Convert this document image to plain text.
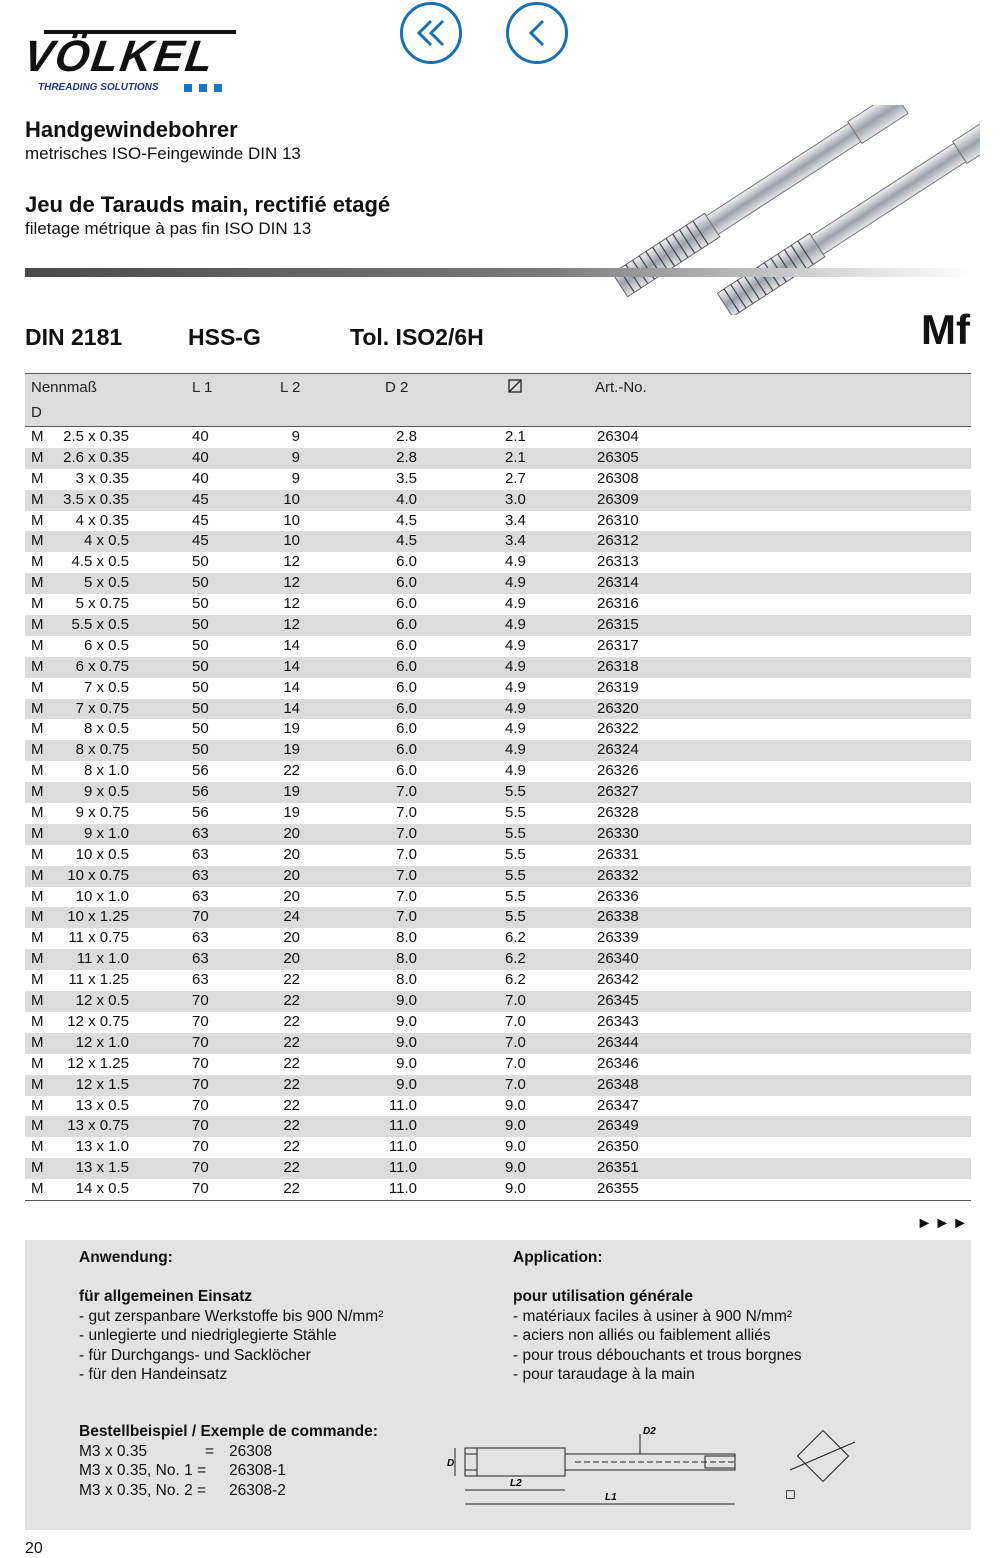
VÖLKEL
THREADING SOLUTIONS
Handgewindebohrer
metrisches ISO-Feingewinde DIN 13
Jeu de Tarauds main, rectifié etagé
filetage métrique à pas fin ISO DIN 13
DIN 2181	HSS-G	Tol. ISO2/6H	Mf
Nennmaß
D
L 1	L 2	D 2	Art.-No.
M	2.5 x 0.35	40	9	2.8	2.1	26304
M	2.6 x 0.35	40	9	2.8	2.1	26305
M	3 x 0.35	40	9	3.5	2.7	26308
M	3.5 x 0.35	45	10	4.0	3.0	26309
M	4 x 0.35	45	10	4.5	3.4	26310
M	4 x 0.5	45	10	4.5	3.4	26312
M	4.5 x 0.5	50	12	6.0	4.9	26313
M	5 x 0.5	50	12	6.0	4.9	26314
M	5 x 0.75	50	12	6.0	4.9	26316
M	5.5 x 0.5	50	12	6.0	4.9	26315
M	6 x 0.5	50	14	6.0	4.9	26317
M	6 x 0.75	50	14	6.0	4.9	26318
M	7 x 0.5	50	14	6.0	4.9	26319
M	7 x 0.75	50	14	6.0	4.9	26320
M	8 x 0.5	50	19	6.0	4.9	26322
M	8 x 0.75	50	19	6.0	4.9	26324
M	8 x 1.0	56	22	6.0	4.9	26326
M	9 x 0.5	56	19	7.0	5.5	26327
M	9 x 0.75	56	19	7.0	5.5	26328
M	9 x 1.0	63	20	7.0	5.5	26330
M	10 x 0.5	63	20	7.0	5.5	26331
M	10 x 0.75	63	20	7.0	5.5	26332
M	10 x 1.0	63	20	7.0	5.5	26336
M	10 x 1.25	70	24	7.0	5.5	26338
M	11 x 0.75	63	20	8.0	6.2	26339
M	11 x 1.0	63	20	8.0	6.2	26340
M	11 x 1.25	63	22	8.0	6.2	26342
M	12 x 0.5	70	22	9.0	7.0	26345
M	12 x 0.75	70	22	9.0	7.0	26343
M	12 x 1.0	70	22	9.0	7.0	26344
M	12 x 1.25	70	22	9.0	7.0	26346
M	12 x 1.5	70	22	9.0	7.0	26348
M	13 x 0.5	70	22	11.0	9.0	26347
M	13 x 0.75	70	22	11.0	9.0	26349
M	13 x 1.0	70	22	11.0	9.0	26350
M	13 x 1.5	70	22	11.0	9.0	26351
M	14 x 0.5	70	22	11.0	9.0	26355
►►►
Anwendung:
für allgemeinen Einsatz
- gut zerspanbare Werkstoffe bis 900 N/mm²
- unlegierte und niedriglegierte Stähle
- für Durchgangs- und Sacklöcher
- für den Handeinsatz
Application:
pour utilisation générale
- matériaux faciles à usiner à 900 N/mm²
- aciers non alliés ou faiblement alliés
- pour trous débouchants et trous borgnes
- pour taraudage à la main
Bestellbeispiel / Exemple de commande:
M3 x 0.35	= 26308
M3 x 0.35, No. 1 = 26308-1
M3 x 0.35, No. 2 = 26308-2
D2
D
L2
L1	◻
20
